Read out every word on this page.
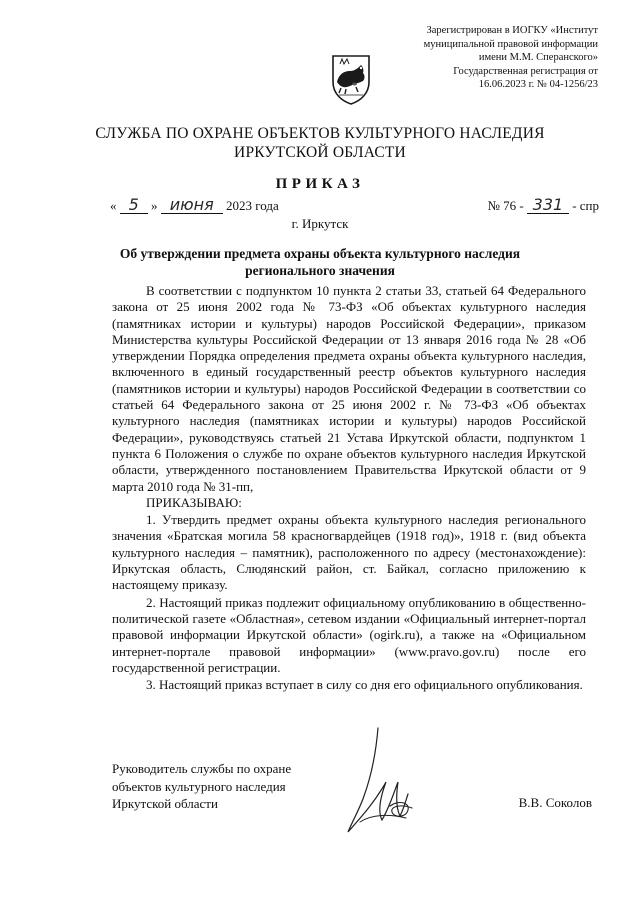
Зарегистрирован в ИОГКУ «Институт
муниципальной правовой информации
имени М.М. Сперанского»
Государственная регистрация от
16.06.2023 г. № 04-1256/23
СЛУЖБА ПО ОХРАНЕ ОБЪЕКТОВ КУЛЬТУРНОГО НАСЛЕДИЯ
ИРКУТСКОЙ ОБЛАСТИ
ПРИКАЗ
« 5 » июня 2023 года	№ 76 - 331 - спр
г. Иркутск
Об утверждении предмета охраны объекта культурного наследия
регионального значения

В соответствии с подпунктом 10 пункта 2 статьи 33, статьей 64 Федерального закона от 25 июня 2002 года № 73-ФЗ «Об объектах культурного наследия (памятниках истории и культуры) народов Российской Федерации», приказом Министерства культуры Российской Федерации от 13 января 2016 года № 28 «Об утверждении Порядка определения предмета охраны объекта культурного наследия, включенного в единый государственный реестр объектов культурного наследия (памятников истории и культуры) народов Российской Федерации в соответствии со статьей 64 Федерального закона от 25 июня 2002 г. № 73-ФЗ «Об объектах культурного наследия (памятниках истории и культуры) народов Российской Федерации», руководствуясь статьей 21 Устава Иркутской области, подпунктом 1 пункта 6 Положения о службе по охране объектов культурного наследия Иркутской области, утвержденного постановлением Правительства Иркутской области от 9 марта 2010 года № 31-пп,

ПРИКАЗЫВАЮ:

1. Утвердить предмет охраны объекта культурного наследия регионального значения «Братская могила 58 красногвардейцев (1918 год)», 1918 г. (вид объекта культурного наследия – памятник), расположенного по адресу (местонахождение): Иркутская область, Слюдянский район, ст. Байкал, согласно приложению к настоящему приказу.

2. Настоящий приказ подлежит официальному опубликованию в общественно-политической газете «Областная», сетевом издании «Официальный интернет-портал правовой информации Иркутской области» (ogirk.ru), а также на «Официальном интернет-портале правовой информации» (www.pravo.gov.ru) после его государственной регистрации.

3. Настоящий приказ вступает в силу со дня его официального опубликования.

Руководитель службы по охране
объектов культурного наследия
Иркутской области	В.В. Соколов
